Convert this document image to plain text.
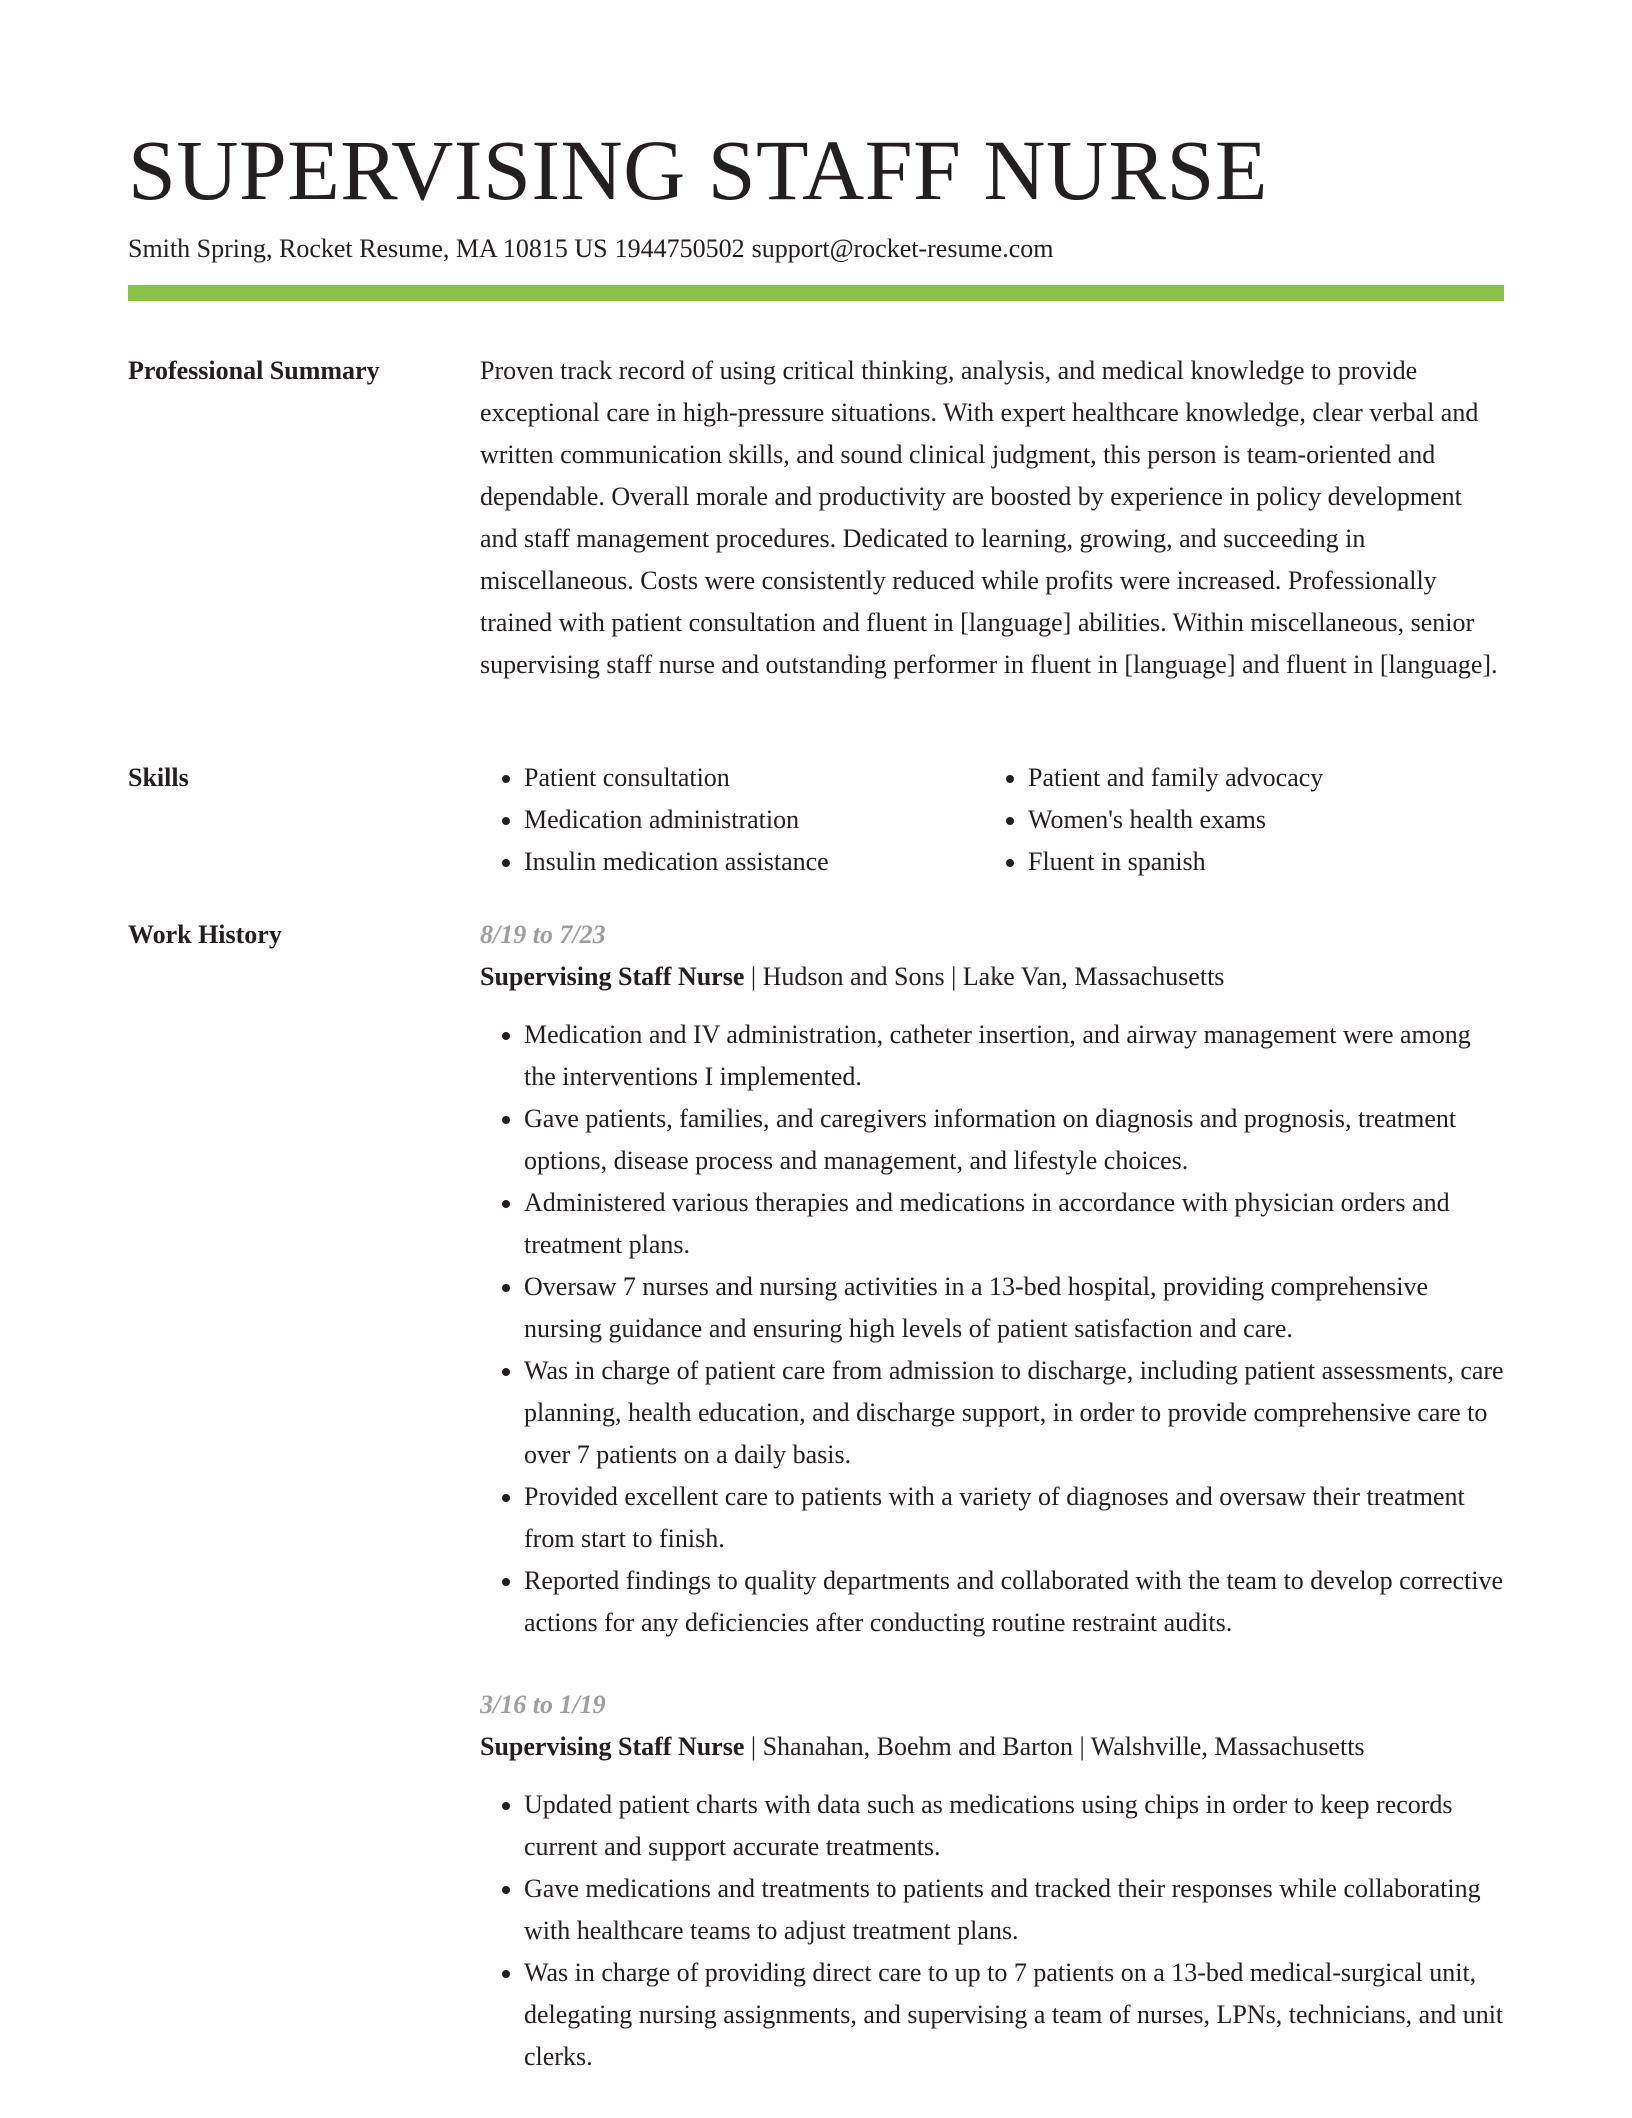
SUPERVISING STAFF NURSE
Smith Spring, Rocket Resume, MA 10815 US 1944750502 support@rocket-resume.com
Professional Summary	Proven track record of using critical thinking, analysis, and medical knowledge to provide exceptional care in high-pressure situations. With expert healthcare knowledge, clear verbal and written communication skills, and sound clinical judgment, this person is team-oriented and dependable. Overall morale and productivity are boosted by experience in policy development and staff management procedures. Dedicated to learning, growing, and succeeding in miscellaneous. Costs were consistently reduced while profits were increased. Professionally trained with patient consultation and fluent in [language] abilities. Within miscellaneous, senior supervising staff nurse and outstanding performer in fluent in [language] and fluent in [language].

Skills
•	Patient consultation
• Medication administration
• Insulin medication assistance
• Patient and family advocacy
• Women's health exams
• Fluent in spanish
Work History	8/19 to 7/23
Supervising Staff Nurse | Hudson and Sons | Lake Van, Massachusetts
• Medication and IV administration, catheter insertion, and airway management were among the interventions I implemented.
• Gave patients, families, and caregivers information on diagnosis and prognosis, treatment options, disease process and management, and lifestyle choices.
• Administered various therapies and medications in accordance with physician orders and treatment plans.
• Oversaw 7 nurses and nursing activities in a 13-bed hospital, providing comprehensive nursing guidance and ensuring high levels of patient satisfaction and care.
• Was in charge of patient care from admission to discharge, including patient assessments, care planning, health education, and discharge support, in order to provide comprehensive care to over 7 patients on a daily basis.
• Provided excellent care to patients with a variety of diagnoses and oversaw their treatment from start to finish.
• Reported findings to quality departments and collaborated with the team to develop corrective actions for any deficiencies after conducting routine restraint audits.
3/16 to 1/19
Supervising Staff Nurse | Shanahan, Boehm and Barton | Walshville, Massachusetts
• Updated patient charts with data such as medications using chips in order to keep records current and support accurate treatments.
• Gave medications and treatments to patients and tracked their responses while collaborating with healthcare teams to adjust treatment plans.
• Was in charge of providing direct care to up to 7 patients on a 13-bed medical-surgical unit, delegating nursing assignments, and supervising a team of nurses, LPNs, technicians, and unit clerks.
